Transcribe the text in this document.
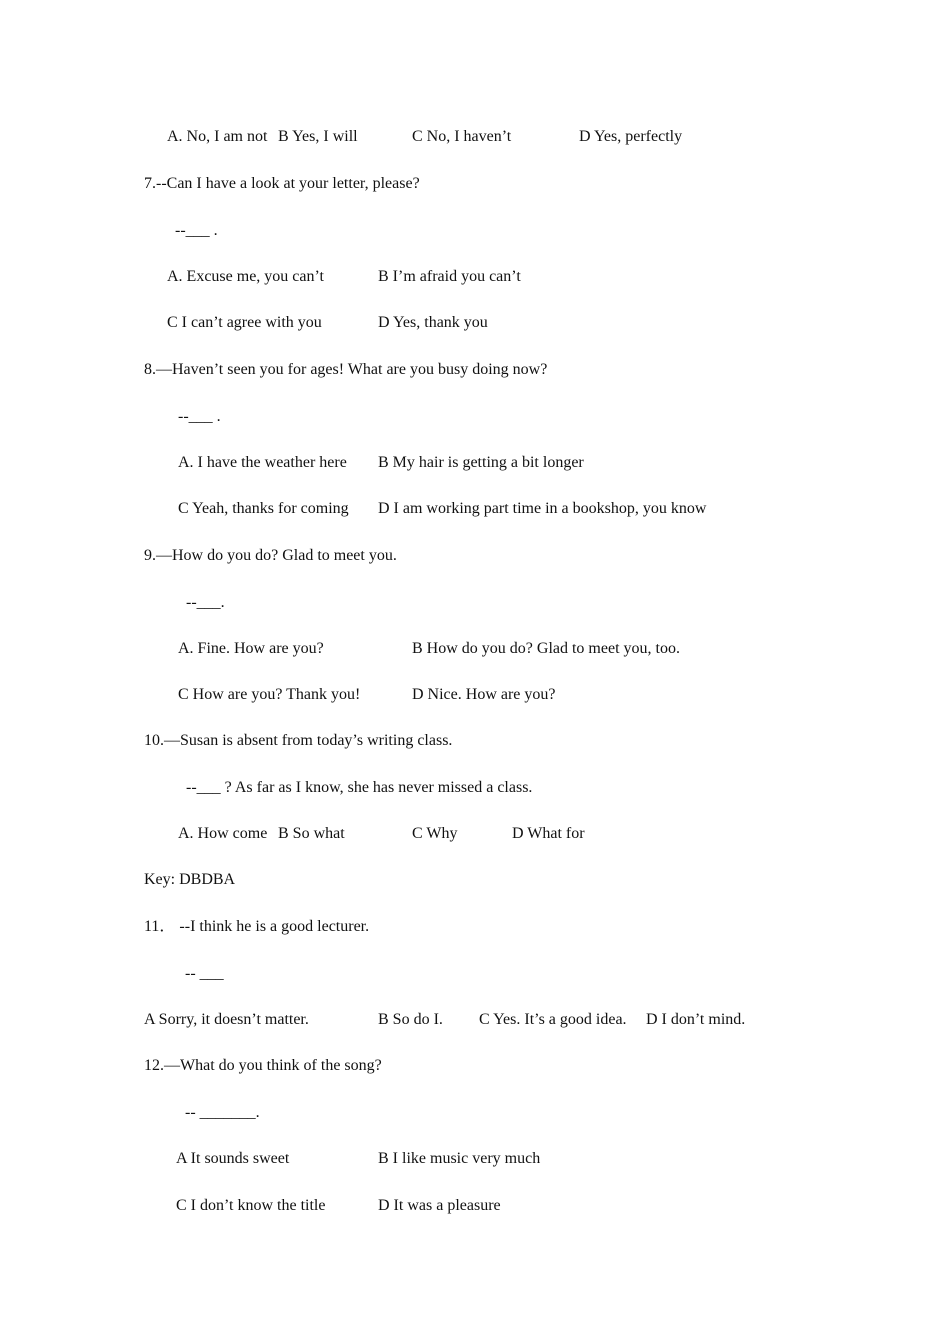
A. No, I am not B Yes, I will	C No, I haven’t	D Yes, perfectly
7.--Can I have a look at your letter, please?
--___ .
A. Excuse me, you can’t	B I’m afraid you can’t
C I can’t agree with you	D Yes, thank you
8.—Haven’t seen you for ages! What are you busy doing now?
--___ .
A. I have the weather here B My hair is getting a bit longer
C Yeah, thanks for coming D I am working part time in a bookshop, you know
9.—How do you do? Glad to meet you.
--___.
A. Fine. How are you?	B How do you do? Glad to meet you, too.
C How are you? Thank you!	D Nice. How are you?
10.—Susan is absent from today’s writing class.
--___ ? As far as I know, she has never missed a class.
A. How come B So what	C Why	D What for
Key: DBDBA
11． --I think he is a good lecturer.
-- ___
A Sorry, it doesn’t matter.	B So do I. C Yes. It’s a good idea. D I don’t mind.
12.—What do you think of the song?
-- _______.
A It sounds sweet	B I like music very much
C I don’t know the title	D It was a pleasure
